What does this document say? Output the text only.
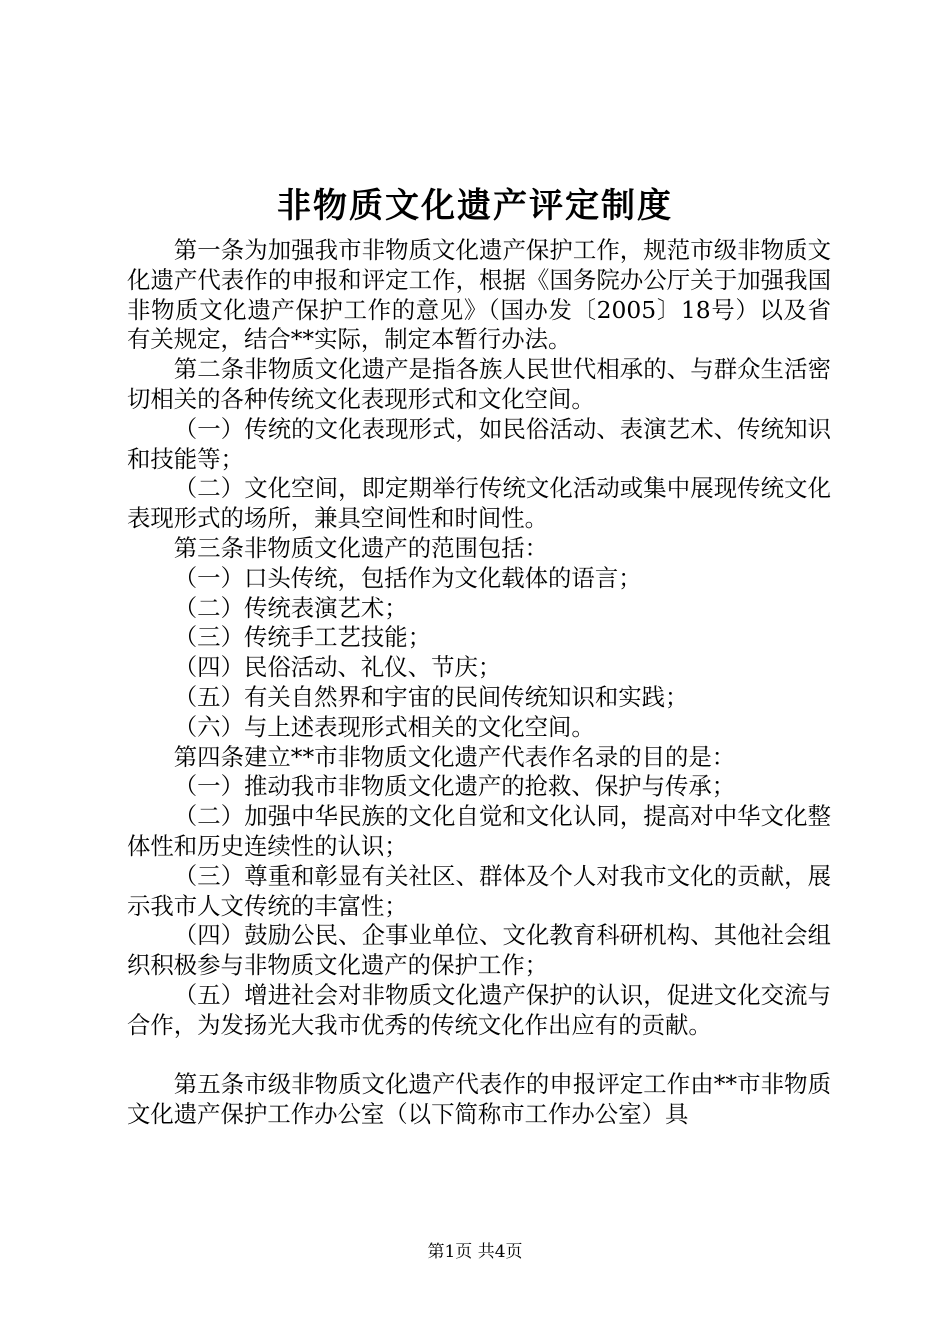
非物质文化遗产评定制度

第一条为加强我市非物质文化遗产保护工作，规范市级非物质文化遗产代表作的申报和评定工作，根据《国务院办公厅关于加强我国非物质文化遗产保护工作的意见》（国办发〔2005〕18号）以及省有关规定，结合**实际，制定本暂行办法。

第二条非物质文化遗产是指各族人民世代相承的、与群众生活密切相关的各种传统文化表现形式和文化空间。

（一）传统的文化表现形式，如民俗活动、表演艺术、传统知识和技能等；

（二）文化空间，即定期举行传统文化活动或集中展现传统文化表现形式的场所，兼具空间性和时间性。

第三条非物质文化遗产的范围包括：

（一）口头传统，包括作为文化载体的语言；

（二）传统表演艺术；

（三）传统手工艺技能；

（四）民俗活动、礼仪、节庆；

（五）有关自然界和宇宙的民间传统知识和实践；

（六）与上述表现形式相关的文化空间。

第四条建立**市非物质文化遗产代表作名录的目的是：

（一）推动我市非物质文化遗产的抢救、保护与传承；

（二）加强中华民族的文化自觉和文化认同，提高对中华文化整体性和历史连续性的认识；

（三）尊重和彰显有关社区、群体及个人对我市文化的贡献，展示我市人文传统的丰富性；

（四）鼓励公民、企事业单位、文化教育科研机构、其他社会组织积极参与非物质文化遗产的保护工作；

（五）增进社会对非物质文化遗产保护的认识，促进文化交流与合作，为发扬光大我市优秀的传统文化作出应有的贡献。

第五条市级非物质文化遗产代表作的申报评定工作由**市非物质文化遗产保护工作办公室（以下简称市工作办公室）具

第1页 共4页
